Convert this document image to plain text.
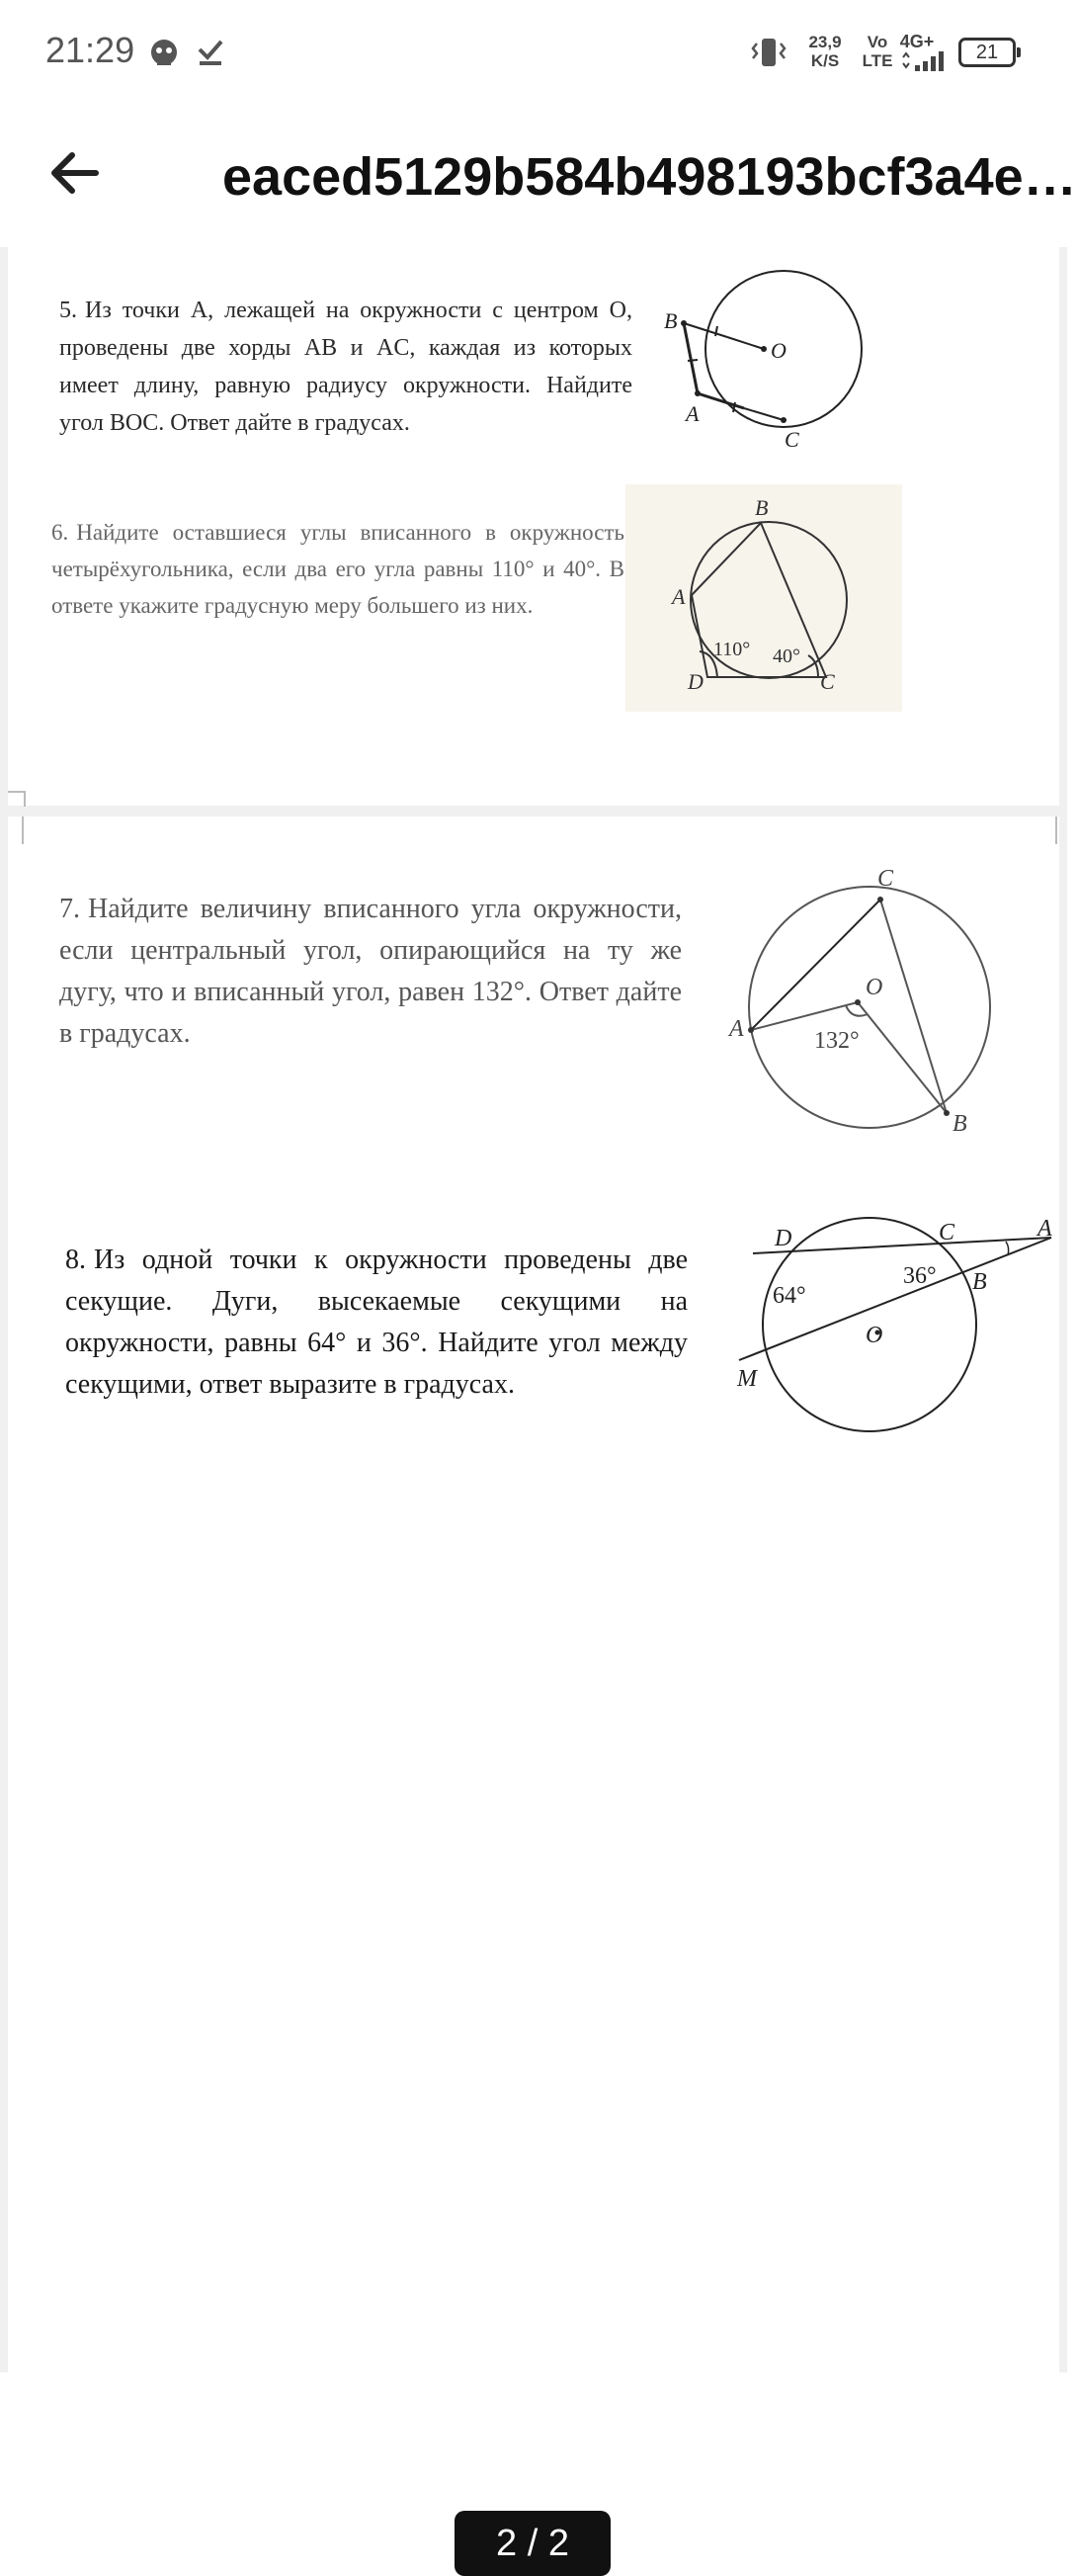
21:29	23,9
K/S
Vo
LTE
4G+	21
eaced5129b584b498193bcf3a4e…
5. Из точки A, лежащей на окружности с центром O, проведены две хорды AB и AC, каждая из которых имеет длину, равную радиусу окружности. Найдите угол BOC. Ответ дайте в градусах.
B
O
A
C
6. Найдите оставшиеся углы вписанного в окружность четырёхугольника, если два его угла равны 110° и 40°. В ответе укажите градусную меру большего из них.
B
A
D	C
110° 40°
7. Найдите величину вписанного угла окружности, если центральный угол, опирающийся на ту же дугу, что и вписанный угол, равен 132°. Ответ дайте в градусах.
C
O
A
B
132°
8. Из одной точки к окружности проведены две секущие. Дуги, высекаемые секущими на окружности, равны 64° и 36°. Найдите угол между секущими, ответ выразите в градусах.
D	C	A
B
M
O
64°
36°
2 / 2
